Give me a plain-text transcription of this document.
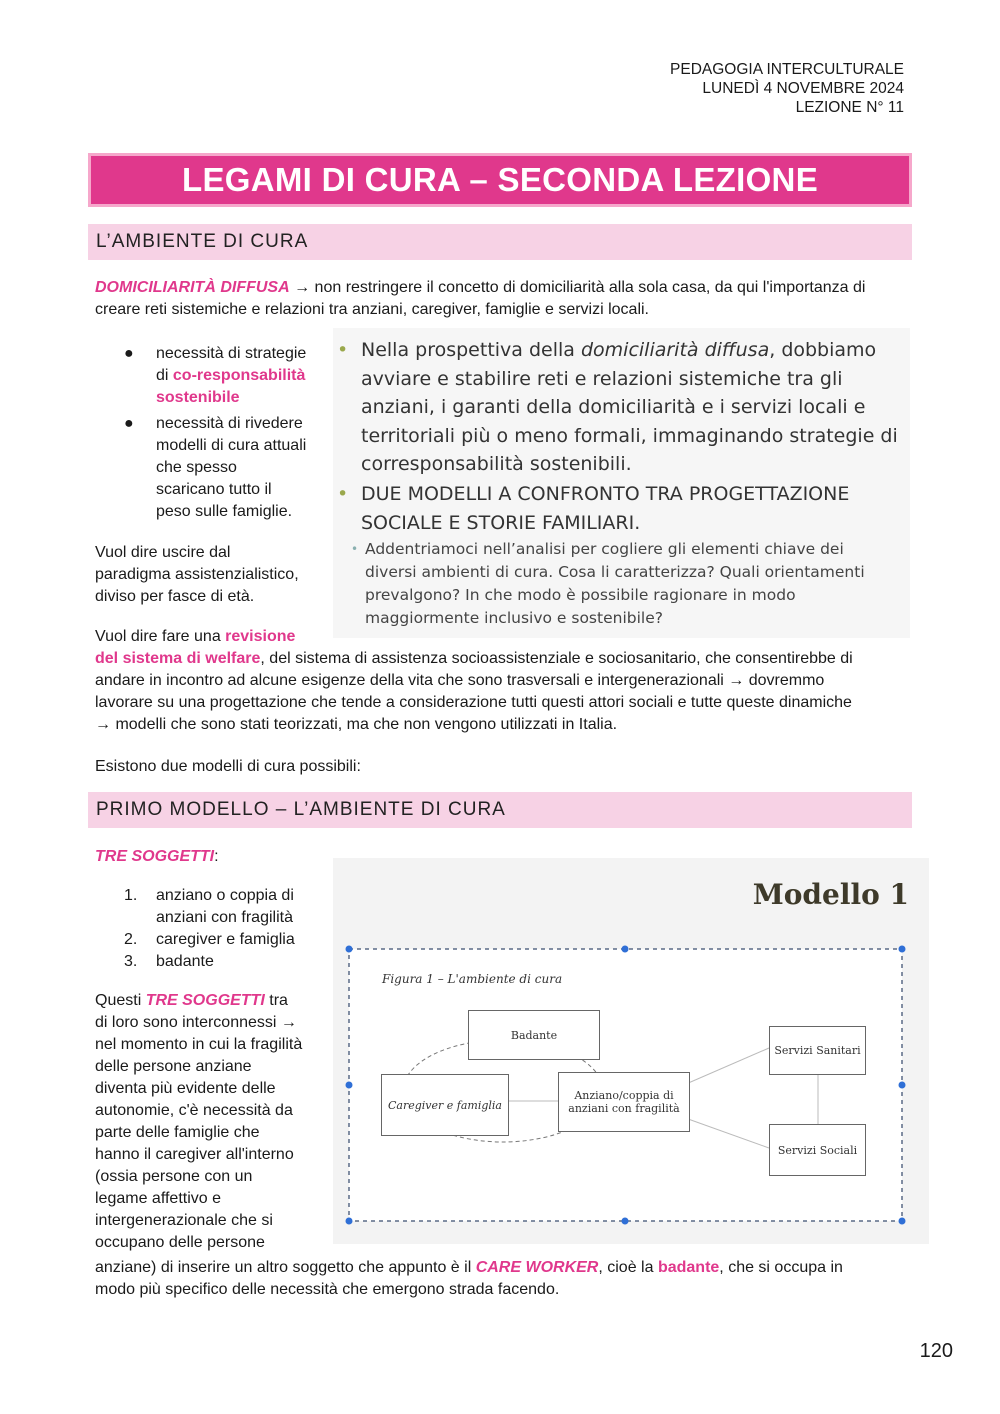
PEDAGOGIA INTERCULTURALE
LUNEDÌ 4 NOVEMBRE 2024
LEZIONE N° 11
LEGAMI DI CURA – SECONDA LEZIONE
L’AMBIENTE DI CURA
DOMICILIARITÀ DIFFUSA → non restringere il concetto di domiciliarità alla sola casa, da qui l'importanza di
creare reti sistemiche e relazioni tra anziani, caregiver, famiglie e servizi locali.
● necessità di strategie
di co-responsabilità
sostenibile
● necessità di rivedere
modelli di cura attuali
che spesso
scaricano tutto il
peso sulle famiglie.
Vuol dire uscire dal
paradigma assistenzialistico,
diviso per fasce di età.
• Nella prospettiva della domiciliarità diffusa, dobbiamo
avviare e stabilire reti e relazioni sistemiche tra gli
anziani, i garanti della domiciliarità e i servizi locali e
territoriali più o meno formali, immaginando strategie di
corresponsabilità sostenibili.
• DUE MODELLI A CONFRONTO TRA PROGETTAZIONE
SOCIALE E STORIE FAMILIARI.
• Addentriamoci nell’analisi per cogliere gli elementi chiave dei
diversi ambienti di cura. Cosa li caratterizza? Quali orientamenti
prevalgono? In che modo è possibile ragionare in modo
maggiormente inclusivo e sostenibile?
Vuol dire fare una revisione
del sistema di welfare, del sistema di assistenza socioassistenziale e sociosanitario, che consentirebbe di
andare in incontro ad alcune esigenze della vita che sono trasversali e intergenerazionali → dovremmo
lavorare su una progettazione che tende a considerazione tutti questi attori sociali e tutte queste dinamiche
→ modelli che sono stati teorizzati, ma che non vengono utilizzati in Italia.
Esistono due modelli di cura possibili:
PRIMO MODELLO – L’AMBIENTE DI CURA
TRE SOGGETTI:
1. anziano o coppia di
anziani con fragilità
2. caregiver e famiglia
3. badante
Questi TRE SOGGETTI tra
di loro sono interconnessi →
nel momento in cui la fragilità
delle persone anziane
diventa più evidente delle
autonomie, c'è necessità da
parte delle famiglie che
hanno il caregiver all'interno
(ossia persone con un
legame affettivo e
intergenerazionale che si
occupano delle persone
anziane) di inserire un altro soggetto che appunto è il CARE WORKER, cioè la badante, che si occupa in
modo più specifico delle necessità che emergono strada facendo.
Modello 1
Figura 1 – L'ambiente di cura
Badante
Caregiver e famiglia
Anziano/coppia di anziani con fragilità
Servizi Sanitari
Servizi Sociali
120
